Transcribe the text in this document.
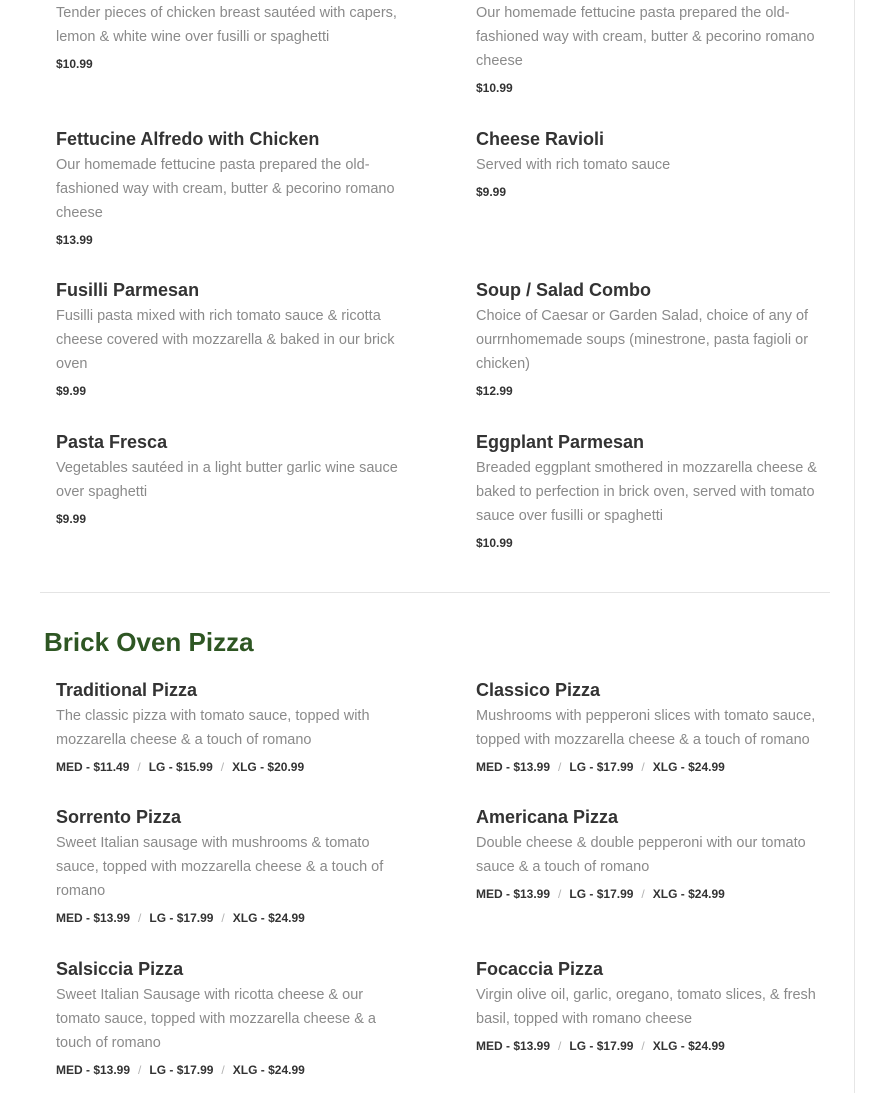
Tender pieces of chicken breast sautéed with capers, lemon & white wine over fusilli or spaghetti

$10.99

Our homemade fettucine pasta prepared the old-fashioned way with cream, butter & pecorino romano cheese

$10.99
Fettucine Alfredo with Chicken

Our homemade fettucine pasta prepared the old-fashioned way with cream, butter & pecorino romano cheese

$13.99
Cheese Ravioli

Served with rich tomato sauce

$9.99
Fusilli Parmesan

Fusilli pasta mixed with rich tomato sauce & ricotta cheese covered with mozzarella & baked in our brick oven

$9.99
Soup / Salad Combo

Choice of Caesar or Garden Salad, choice of any of ourrnhomemade soups (minestrone, pasta fagioli or chicken)

$12.99
Pasta Fresca

Vegetables sautéed in a light butter garlic wine sauce over spaghetti

$9.99
Eggplant Parmesan

Breaded eggplant smothered in mozzarella cheese & baked to perfection in brick oven, served with tomato sauce over fusilli or spaghetti

$10.99
Brick Oven Pizza
Traditional Pizza

The classic pizza with tomato sauce, topped with mozzarella cheese & a touch of romano

MED - $11.49 / LG - $15.99 / XLG - $20.99
Classico Pizza

Mushrooms with pepperoni slices with tomato sauce, topped with mozzarella cheese & a touch of romano

MED - $13.99 / LG - $17.99 / XLG - $24.99
Sorrento Pizza

Sweet Italian sausage with mushrooms & tomato sauce, topped with mozzarella cheese & a touch of romano

MED - $13.99 / LG - $17.99 / XLG - $24.99
Americana Pizza

Double cheese & double pepperoni with our tomato sauce & a touch of romano

MED - $13.99 / LG - $17.99 / XLG - $24.99
Salsiccia Pizza

Sweet Italian Sausage with ricotta cheese & our tomato sauce, topped with mozzarella cheese & a touch of romano

MED - $13.99 / LG - $17.99 / XLG - $24.99
Focaccia Pizza

Virgin olive oil, garlic, oregano, tomato slices, & fresh basil, topped with romano cheese

MED - $13.99 / LG - $17.99 / XLG - $24.99
